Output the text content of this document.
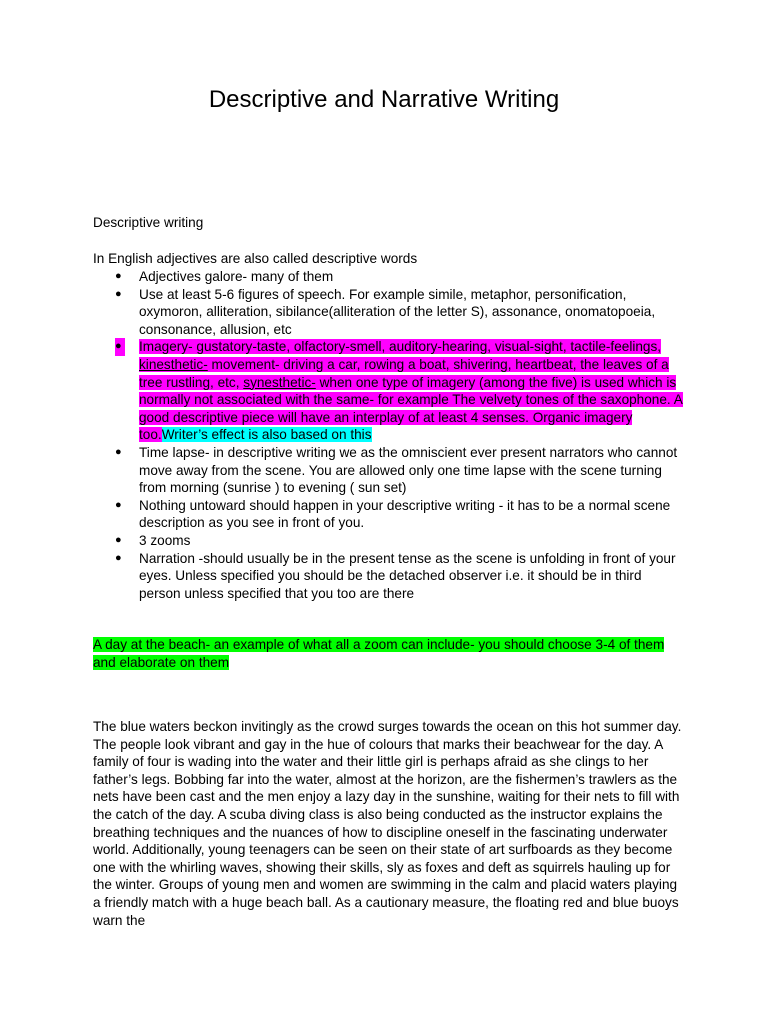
Descriptive and Narrative Writing
Descriptive writing
In English adjectives are also called descriptive words
● Adjectives galore- many of them
● Use at least 5-6 figures of speech. For example simile, metaphor, personification, oxymoron, alliteration, sibilance(alliteration of the letter S), assonance, onomatopoeia, consonance, allusion, etc
● Imagery- gustatory-taste, olfactory-smell, auditory-hearing, visual-sight, tactile-feelings, kinesthetic- movement- driving a car, rowing a boat, shivering, heartbeat, the leaves of a tree rustling, etc, synesthetic- when one type of imagery (among the five) is used which is normally not associated with the same- for example The velvety tones of the saxophone. A good descriptive piece will have an interplay of at least 4 senses. Organic imagery too.Writer’s effect is also based on this
● Time lapse- in descriptive writing we as the omniscient ever present narrators who cannot move away from the scene. You are allowed only one time lapse with the scene turning from morning (sunrise ) to evening ( sun set)
● Nothing untoward should happen in your descriptive writing - it has to be a normal scene description as you see in front of you.
● 3 zooms
● Narration -should usually be in the present tense as the scene is unfolding in front of your eyes. Unless specified you should be the detached observer i.e. it should be in third person unless specified that you too are there
A day at the beach- an example of what all a zoom can include- you should choose 3-4 of them and elaborate on them
The blue waters beckon invitingly as the crowd surges towards the ocean on this hot summer day. The people look vibrant and gay in the hue of colours that marks their beachwear for the day. A family of four is wading into the water and their little girl is perhaps afraid as she clings to her father’s legs. Bobbing far into the water, almost at the horizon, are the fishermen’s trawlers as the nets have been cast and the men enjoy a lazy day in the sunshine, waiting for their nets to fill with the catch of the day. A scuba diving class is also being conducted as the instructor explains the breathing techniques and the nuances of how to discipline oneself in the fascinating underwater world. Additionally, young teenagers can be seen on their state of art surfboards as they become one with the whirling waves, showing their skills, sly as foxes and deft as squirrels hauling up for the winter. Groups of young men and women are swimming in the calm and placid waters playing a friendly match with a huge beach ball. As a cautionary measure, the floating red and blue buoys warn the
